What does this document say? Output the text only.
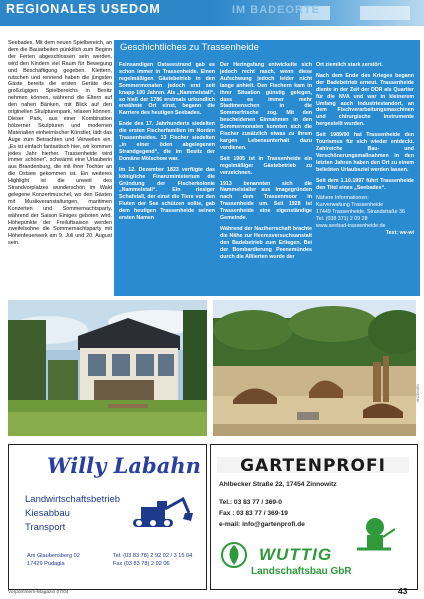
IM BADEORTE
REGIONALES USEDOM

Seebades. Mit dem neuen Spielbereich, an dem die Bauarbeiten pünktlich zum Beginn der Ferien abgeschlossen sein werden, wird den Kindern viel Raum für Bewegung und Beschäftigung gegeben. Klettern, rutschen und rennend haben die jüngsten Gäste bereits die ersten Geräte des großzügigen Spielbereichs in Besitz nehmen können, während die Eltern auf den nahen Bänken, mit Blick auf den originellen Skulpturenpark, relaxen können. Dieser Park, aus einer Kombination hölzerner Skulpturen und modernen Materialien einheimischer Künstler, lädt das Auge zum Betrachten und Verweilen ein. „Es ist einfach fantastisch hier, wir kommen jedes Jahr hierher. Trassenheide wird immer schöner“, schwärmt eine Urlauberin aus Brandenburg, die mit ihrer Tochter an die Ostsee gekommen ist. Ein weiteres Highlight ist die unweit des Strandvorplatzes wunderschön im Wald gelegene Konzertmuschel, wo den Gästen mit Musikveranstaltungen, maritimen Konzerten und Sommernachtsparty, während der Saison Einiges geboten wird. Höhepunkte der Freiluftsaison werden zweifelsohne die Sommernachtsparty mit Höhenfeuerwerk am 9. Juli und 20. August sein.

Geschichtliches zu Trassenheide

Feinsandigen Ostseestrand gab es schon immer in Trassenheide. Einen regelmäßigen Gästebetrieb in den Sommermonaten jedoch erst seit knapp 100 Jahren. Als „Nammelstall“, so hieß der 1786 erstmals urkundlich erwähnte Ort einst, begann die Karriere des heutigen Seebades.

Ende des 17. Jahrhunderts siedelten die ersten Fischerfamilien im Norden Trassenheides. 13 Fischer siedelten „in einer öden abgelegenen Strandgegend“, die im Besitz der Domäne Mölschow war.

Im 12. Dezember 1823 verfügte das königliche Finanzministerium die Gründung der Fischerkolonie „Nammelstall“. Ein riesiger Schafstall, der einst die Tiere vor den Fluten der See schützen sollte, gab dem heutigen Trassenheide seinen ersten Namen

Der Heringsfang entwickelte sich jedoch recht rasch, wenn diese Aufschwung jedoch leider nicht lange anhielt. Den Fischern kam in ihrer Situation günstig gelegen, dass es immer mehr Stadtmenschen in die Sommerfrische zog. Mit den bescheidenen Einnahmen in den Sommermonaten konnten sich die Fischer zusätzlich etwas zu ihrem kargen Lebensunterhalt dazu verdienen.

Seit 1905 ist in Trassenheide ein regelmäßiger Gästebetrieb zu verzeichnen.

1913 benannten sich die Nammelstaller aus Imagegründen nach dem Trassenmoor in Trassenheide um. Seit 1928 ist Trassenheide eine eigenständige Gemeinde.

Während der Naziherrschaft brachte die Nähe zur Heeresversuchsanstalt den Badebetrieb zum Erliegen. Bei der Bombardierung Peenemündes durch die Alliierten wurde der

Ort ziemlich stark zerstört.

Nach dem Ende des Krieges begann der Badebetrieb erneut. Trassenheide diente in der Zeit der DDR als Quartier für die NVA und war in kleinerem Umfang auch Industriestandort, an dem Fischverarbeitungsmaschinen und chirurgische Instrumente hergestellt wurden.

Seit 1989/90 hat Trassenheide den Tourismus für sich wieder entdeckt. Zahlreiche Bau- und Verschönerungsmaßnahmen in den letzten Jahren haben den Ort zu einem beliebten Urlaubsziel werden lassen.

Seit dem 1.10.1997 führt Trassenheide den Titel eines „Seebades“.

Nähere Informationen:
Kurverwaltung Trassenheide
17449 Trassenheide, Strandstraße 36
Tel. (038 371) 2 09 28
www.seebad-trassenheide.de
Text: wv-wi
Willy Labahn
Landwirtschaftsbetrieb
Kiesabbau
Transport
Am Glaubensberg 02
17429 Pudagla
Tel. (03 83 78) 2 92 02 / 3 15 04
Fax (03 83 78) 2 92 06
GARTENPROFI
Ahlbecker Straße 22, 17454 Zinnowitz
Tel.: 03 83 77 / 369-0
Fax : 03 83 77 / 369-19
e-mail: info@gartenprofi.de
WUTTIG
Landschaftsbau GbR
ANZEIGEN
Vorpommern-Magazin 07/04	43
